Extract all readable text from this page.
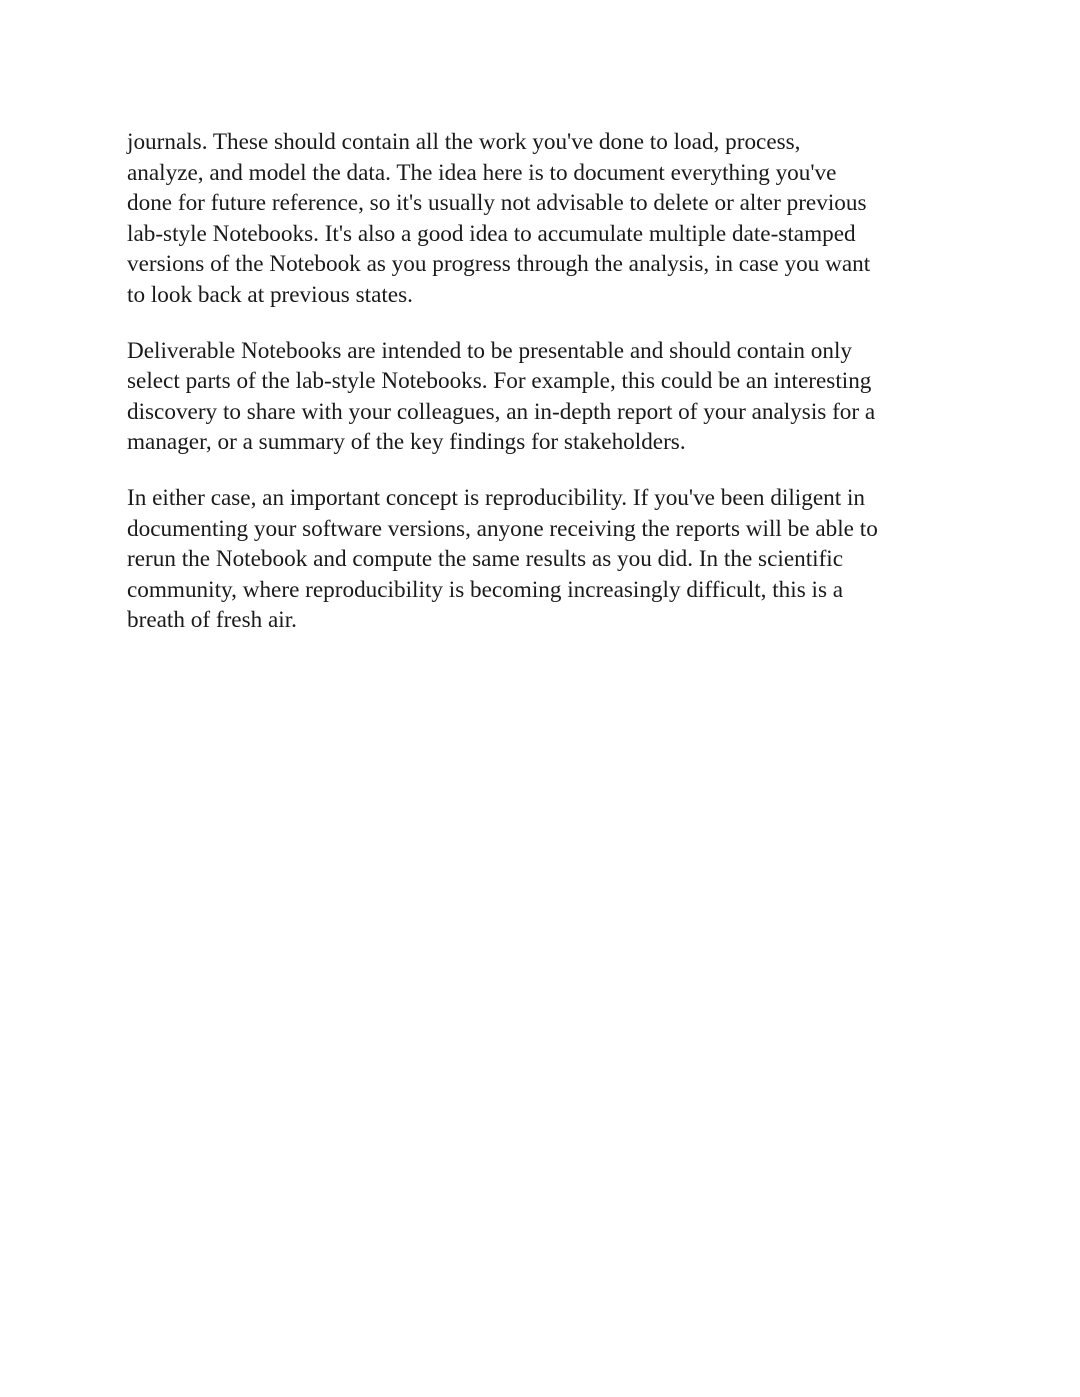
journals. These should contain all the work you've done to load, process,
analyze, and model the data. The idea here is to document everything you've
done for future reference, so it's usually not advisable to delete or alter previous
lab-style Notebooks. It's also a good idea to accumulate multiple date-stamped
versions of the Notebook as you progress through the analysis, in case you want
to look back at previous states.

Deliverable Notebooks are intended to be presentable and should contain only
select parts of the lab-style Notebooks. For example, this could be an interesting
discovery to share with your colleagues, an in-depth report of your analysis for a
manager, or a summary of the key findings for stakeholders.

In either case, an important concept is reproducibility. If you've been diligent in
documenting your software versions, anyone receiving the reports will be able to
rerun the Notebook and compute the same results as you did. In the scientific
community, where reproducibility is becoming increasingly difficult, this is a
breath of fresh air.
